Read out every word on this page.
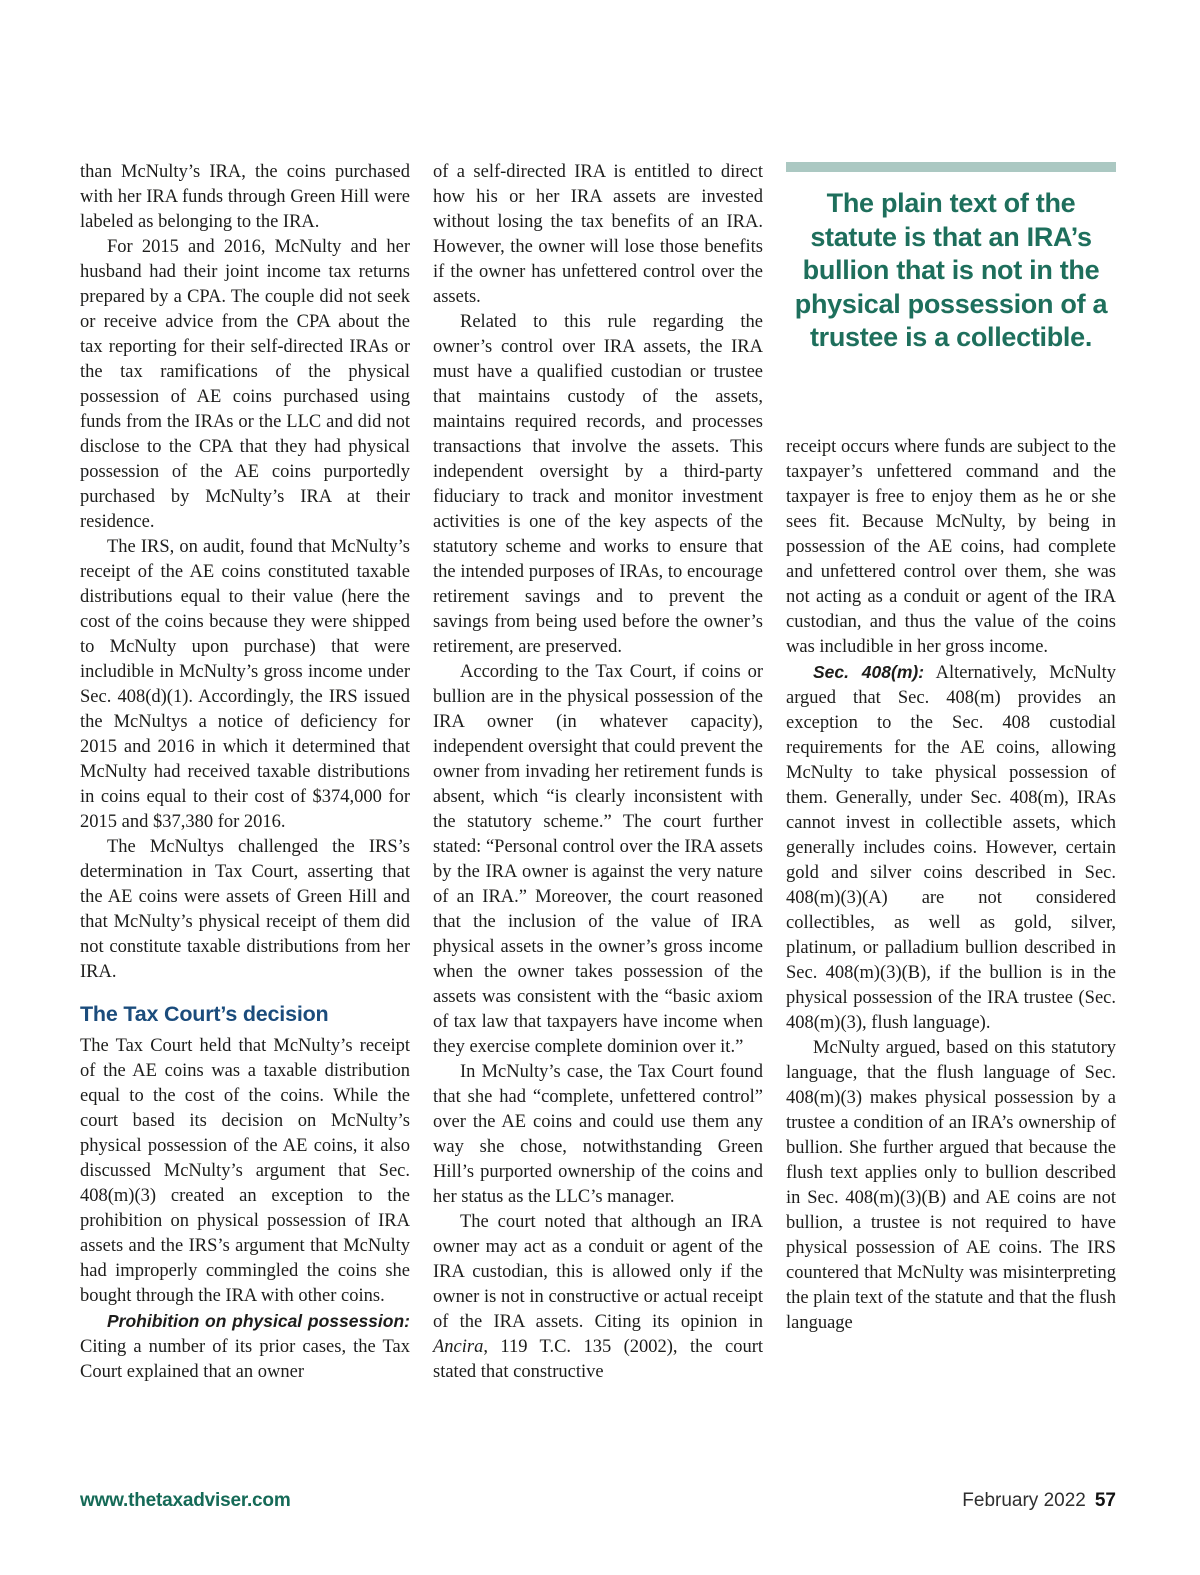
than McNulty’s IRA, the coins purchased with her IRA funds through Green Hill were labeled as belonging to the IRA.

For 2015 and 2016, McNulty and her husband had their joint income tax returns prepared by a CPA. The couple did not seek or receive advice from the CPA about the tax reporting for their self-directed IRAs or the tax ramifications of the physical possession of AE coins purchased using funds from the IRAs or the LLC and did not disclose to the CPA that they had physical possession of the AE coins purportedly purchased by McNulty’s IRA at their residence.

The IRS, on audit, found that McNulty’s receipt of the AE coins constituted taxable distributions equal to their value (here the cost of the coins because they were shipped to McNulty upon purchase) that were includible in McNulty’s gross income under Sec. 408(d)(1). Accordingly, the IRS issued the McNultys a notice of deficiency for 2015 and 2016 in which it determined that McNulty had received taxable distributions in coins equal to their cost of $374,000 for 2015 and $37,380 for 2016.

The McNultys challenged the IRS’s determination in Tax Court, asserting that the AE coins were assets of Green Hill and that McNulty’s physical receipt of them did not constitute taxable distributions from her IRA.

The Tax Court’s decision

The Tax Court held that McNulty’s receipt of the AE coins was a taxable distribution equal to the cost of the coins. While the court based its decision on McNulty’s physical possession of the AE coins, it also discussed McNulty’s argument that Sec. 408(m)(3) created an exception to the prohibition on physical possession of IRA assets and the IRS’s argument that McNulty had improperly commingled the coins she bought through the IRA with other coins.

Prohibition on physical possession: Citing a number of its prior cases, the Tax Court explained that an owner

of a self-directed IRA is entitled to direct how his or her IRA assets are invested without losing the tax benefits of an IRA. However, the owner will lose those benefits if the owner has unfettered control over the assets.

Related to this rule regarding the owner’s control over IRA assets, the IRA must have a qualified custodian or trustee that maintains custody of the assets, maintains required records, and processes transactions that involve the assets. This independent oversight by a third-party fiduciary to track and monitor investment activities is one of the key aspects of the statutory scheme and works to ensure that the intended purposes of IRAs, to encourage retirement savings and to prevent the savings from being used before the owner’s retirement, are preserved.

According to the Tax Court, if coins or bullion are in the physical possession of the IRA owner (in whatever capacity), independent oversight that could prevent the owner from invading her retirement funds is absent, which “is clearly inconsistent with the statutory scheme.” The court further stated: “Personal control over the IRA assets by the IRA owner is against the very nature of an IRA.” Moreover, the court reasoned that the inclusion of the value of IRA physical assets in the owner’s gross income when the owner takes possession of the assets was consistent with the “basic axiom of tax law that taxpayers have income when they exercise complete dominion over it.”

In McNulty’s case, the Tax Court found that she had “complete, unfettered control” over the AE coins and could use them any way she chose, notwithstanding Green Hill’s purported ownership of the coins and her status as the LLC’s manager.

The court noted that although an IRA owner may act as a conduit or agent of the IRA custodian, this is allowed only if the owner is not in constructive or actual receipt of the IRA assets. Citing its opinion in Ancira, 119 T.C. 135 (2002), the court stated that constructive

The plain text of the statute is that an IRA’s bullion that is not in the physical possession of a trustee is a collectible.

receipt occurs where funds are subject to the taxpayer’s unfettered command and the taxpayer is free to enjoy them as he or she sees fit. Because McNulty, by being in possession of the AE coins, had complete and unfettered control over them, she was not acting as a conduit or agent of the IRA custodian, and thus the value of the coins was includible in her gross income.

Sec. 408(m): Alternatively, McNulty argued that Sec. 408(m) provides an exception to the Sec. 408 custodial requirements for the AE coins, allowing McNulty to take physical possession of them. Generally, under Sec. 408(m), IRAs cannot invest in collectible assets, which generally includes coins. However, certain gold and silver coins described in Sec. 408(m)(3)(A) are not considered collectibles, as well as gold, silver, platinum, or palladium bullion described in Sec. 408(m)(3)(B), if the bullion is in the physical possession of the IRA trustee (Sec. 408(m)(3), flush language).

McNulty argued, based on this statutory language, that the flush language of Sec. 408(m)(3) makes physical possession by a trustee a condition of an IRA’s ownership of bullion. She further argued that because the flush text applies only to bullion described in Sec. 408(m)(3)(B) and AE coins are not bullion, a trustee is not required to have physical possession of AE coins. The IRS countered that McNulty was misinterpreting the plain text of the statute and that the flush language

www.thetaxadviser.com	February 2022 57
